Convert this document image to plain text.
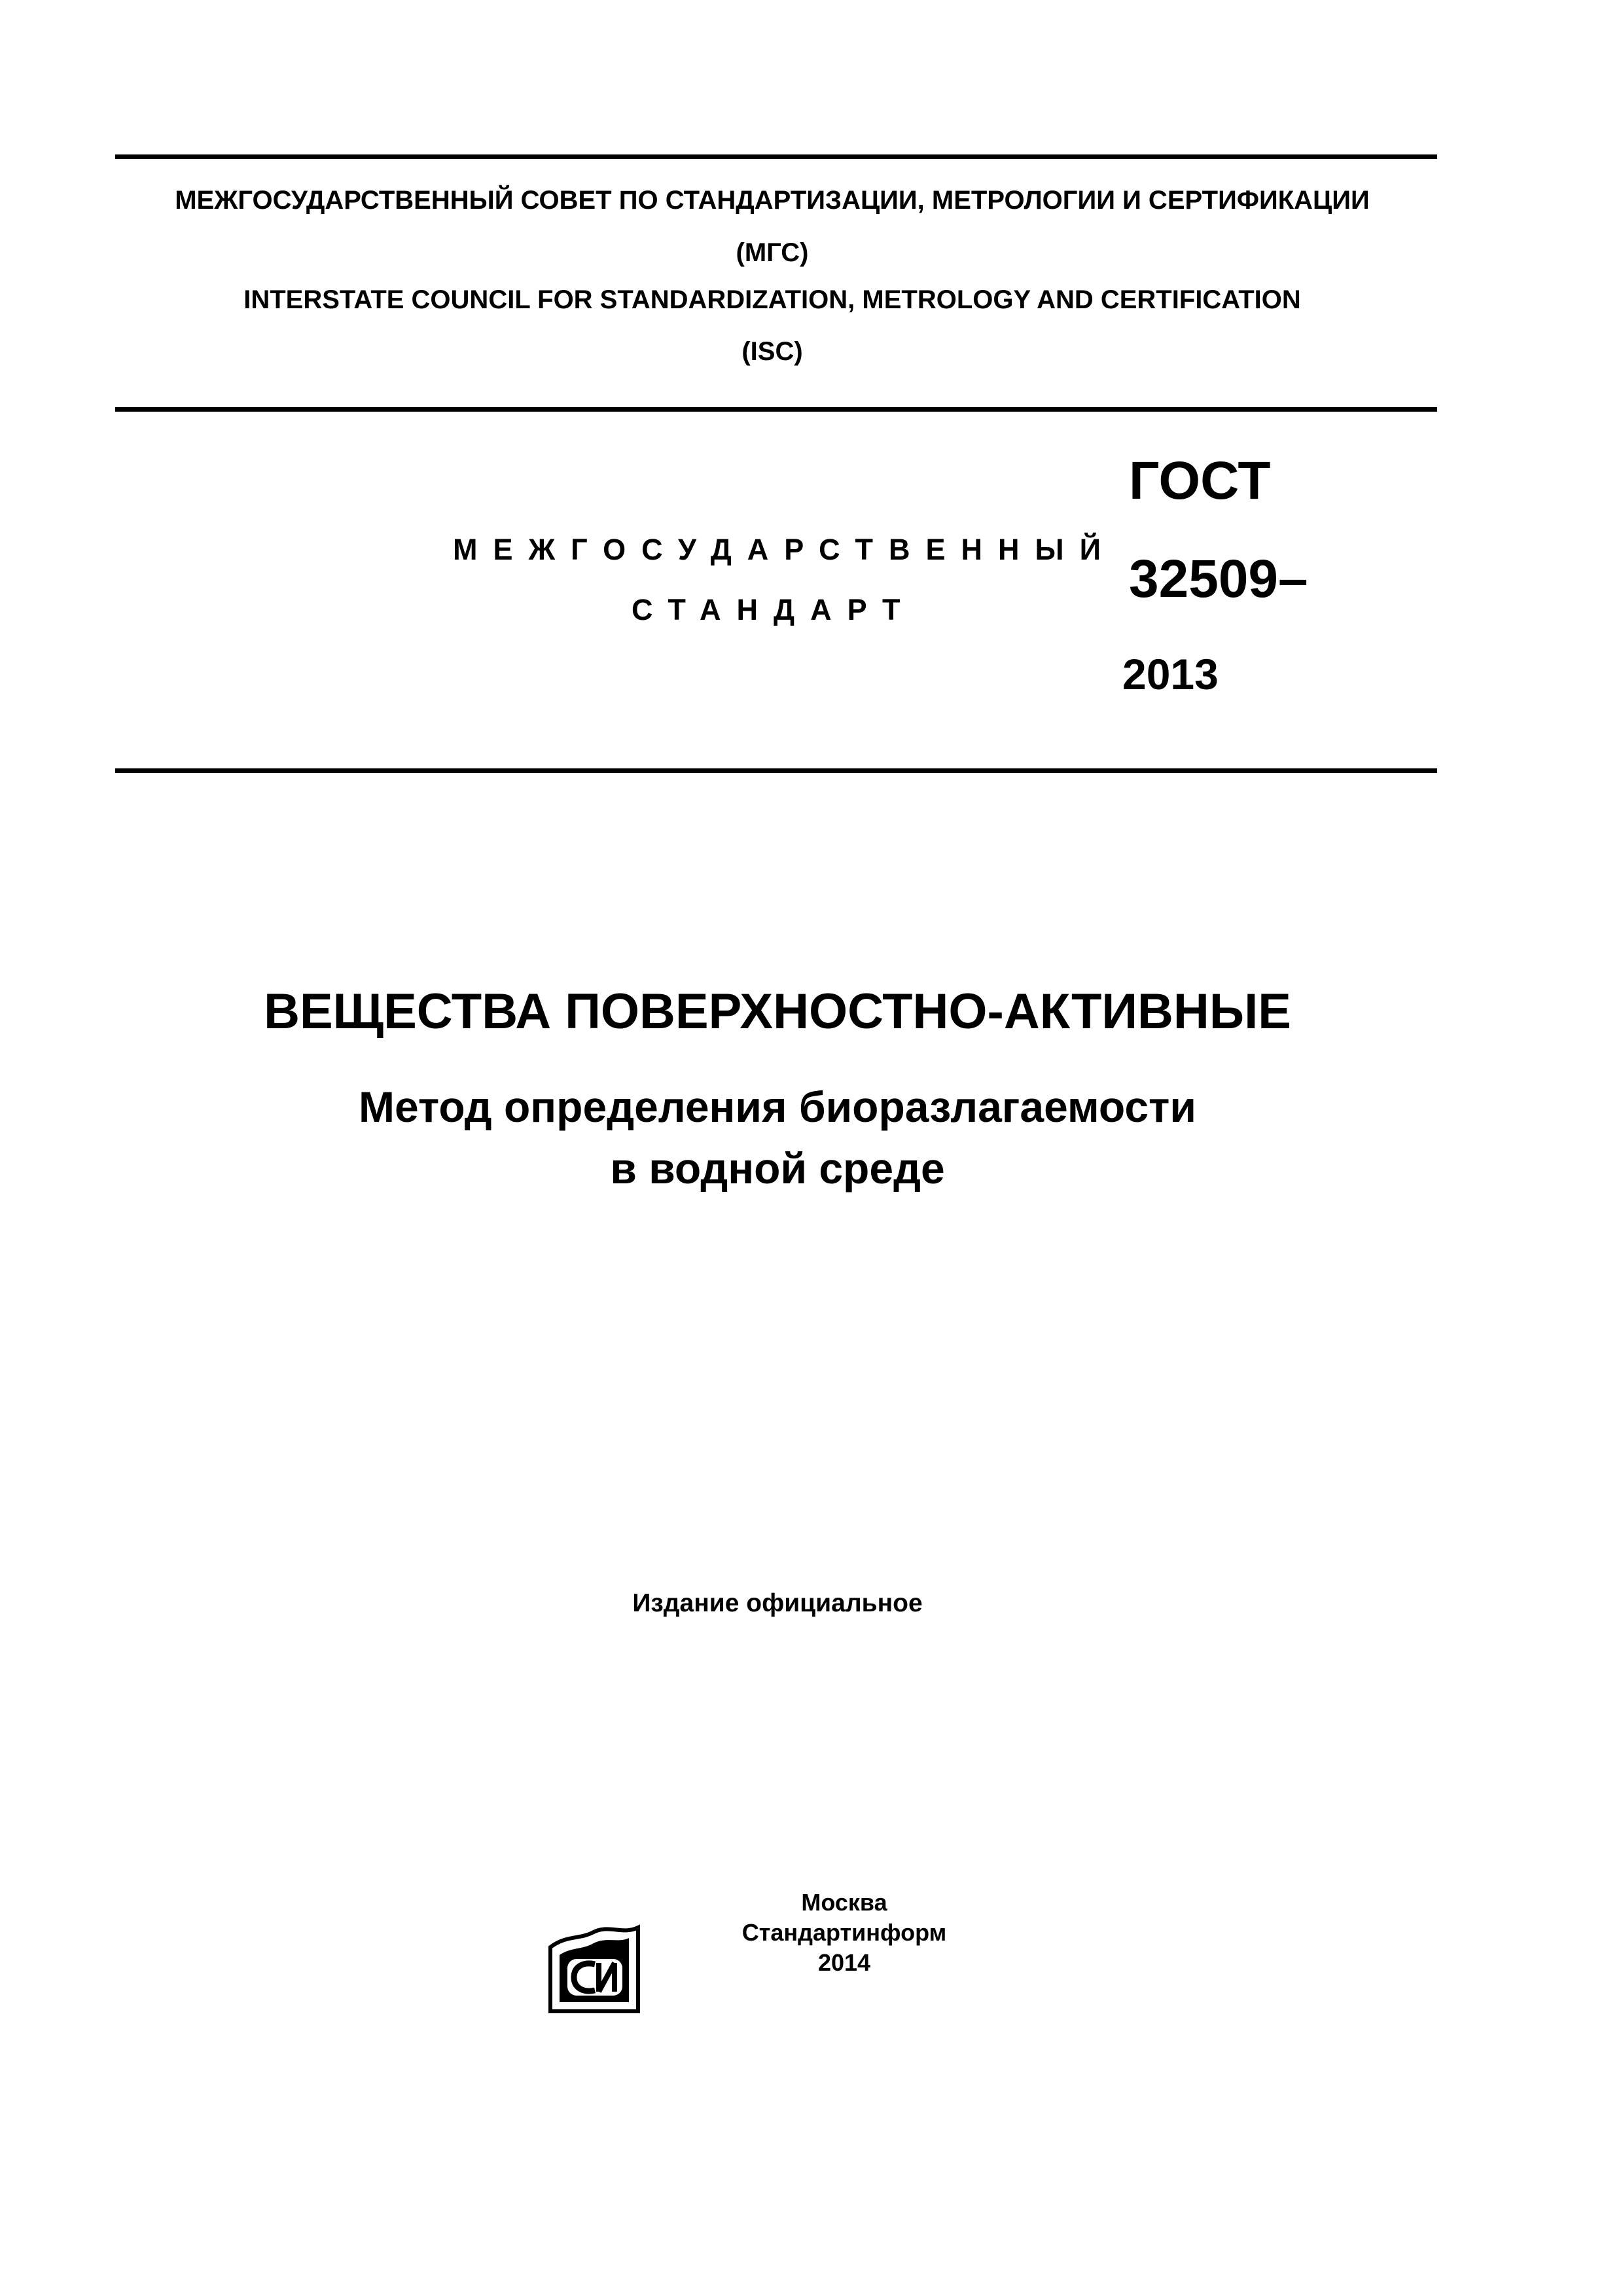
МЕЖГОСУДАРСТВЕННЫЙ СОВЕТ ПО СТАНДАРТИЗАЦИИ, МЕТРОЛОГИИ И СЕРТИФИКАЦИИ
(МГС)
INTERSTATE COUNCIL FOR STANDARDIZATION, METROLOGY AND CERTIFICATION
(ISC)
МЕЖГОСУДАРСТВЕННЫЙ
СТАНДАРТ
ГОСТ
32509–
2013
ВЕЩЕСТВА ПОВЕРХНОСТНО-АКТИВНЫЕ
Метод определения биоразлагаемости
в водной среде
Издание официальное
Москва
Стандартинформ
2014
